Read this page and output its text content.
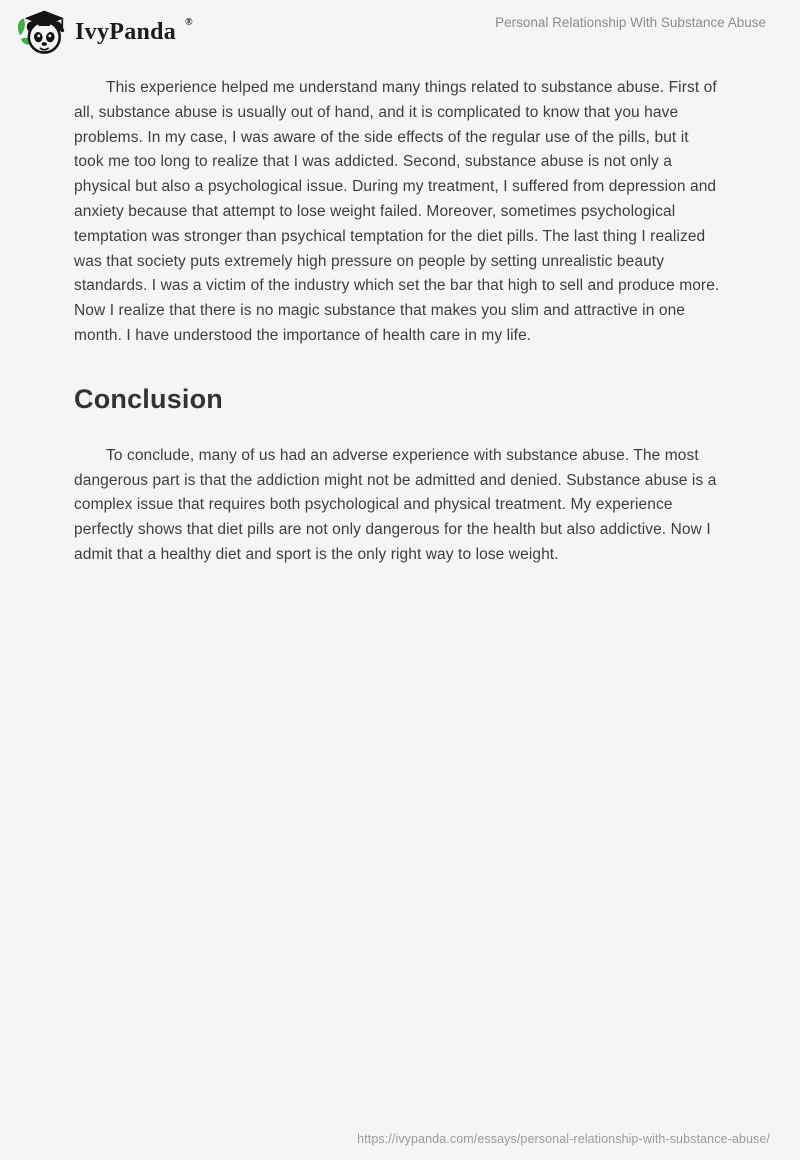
IvyPanda ®	Personal Relationship With Substance Abuse

This experience helped me understand many things related to substance abuse. First of all, substance abuse is usually out of hand, and it is complicated to know that you have problems. In my case, I was aware of the side effects of the regular use of the pills, but it took me too long to realize that I was addicted. Second, substance abuse is not only a physical but also a psychological issue. During my treatment, I suffered from depression and anxiety because that attempt to lose weight failed. Moreover, sometimes psychological temptation was stronger than psychical temptation for the diet pills. The last thing I realized was that society puts extremely high pressure on people by setting unrealistic beauty standards. I was a victim of the industry which set the bar that high to sell and produce more. Now I realize that there is no magic substance that makes you slim and attractive in one month. I have understood the importance of health care in my life.

Conclusion

To conclude, many of us had an adverse experience with substance abuse. The most dangerous part is that the addiction might not be admitted and denied. Substance abuse is a complex issue that requires both psychological and physical treatment. My experience perfectly shows that diet pills are not only dangerous for the health but also addictive. Now I admit that a healthy diet and sport is the only right way to lose weight.

https://ivypanda.com/essays/personal-relationship-with-substance-abuse/
